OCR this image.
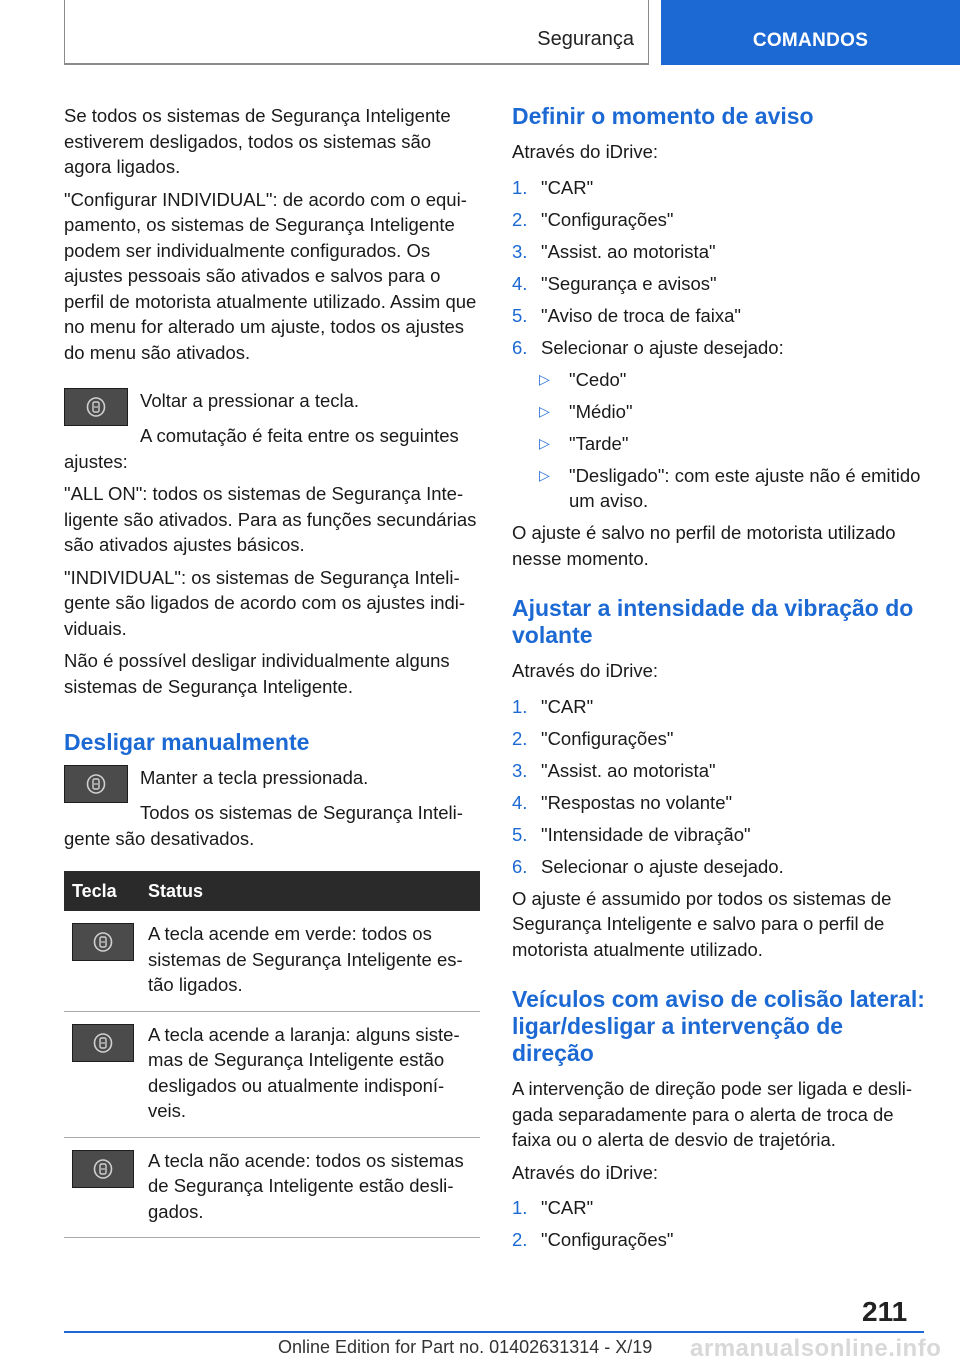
Segurança	COMANDOS

Se todos os sistemas de Segurança Inteligente estiverem desligados, todos os sistemas são agora ligados.

"Configurar INDIVIDUAL": de acordo com o equipamento, os sistemas de Segurança Inteligente podem ser individualmente configurados. Os ajustes pessoais são ativados e salvos para o perfil de motorista atualmente utilizado. Assim que no menu for alterado um ajuste, todos os ajustes do menu são ativados.

Voltar a pressionar a tecla.

A comutação é feita entre os seguintes ajustes:

"ALL ON": todos os sistemas de Segurança Inteligente são ativados. Para as funções secundárias são ativados ajustes básicos.

"INDIVIDUAL": os sistemas de Segurança Inteligente são ligados de acordo com os ajustes individuais.

Não é possível desligar individualmente alguns sistemas de Segurança Inteligente.

Desligar manualmente

Manter a tecla pressionada.

Todos os sistemas de Segurança Inteligente são desativados.

Tecla	Status

	A tecla acende em verde: todos os sistemas de Segurança Inteligente estão ligados.

	A tecla acende a laranja: alguns sistemas de Segurança Inteligente estão desligados ou atualmente indisponíveis.

	A tecla não acende: todos os sistemas de Segurança Inteligente estão desligados.
Definir o momento de aviso

Através do iDrive:

1. "CAR"
2. "Configurações"
3. "Assist. ao motorista"
4. "Segurança e avisos"
5. "Aviso de troca de faixa"
6. Selecionar o ajuste desejado:
▷	"Cedo"
▷	"Médio"
▷	"Tarde"
▷	"Desligado": com este ajuste não é emitido um aviso.

O ajuste é salvo no perfil de motorista utilizado nesse momento.

Ajustar a intensidade da vibração do volante

Através do iDrive:

1. "CAR"
2. "Configurações"
3. "Assist. ao motorista"
4. "Respostas no volante"
5. "Intensidade de vibração"
6. Selecionar o ajuste desejado.

O ajuste é assumido por todos os sistemas de Segurança Inteligente e salvo para o perfil de motorista atualmente utilizado.

Veículos com aviso de colisão lateral: ligar/desligar a intervenção de direção

A intervenção de direção pode ser ligada e desligada separadamente para o alerta de troca de faixa ou o alerta de desvio de trajetória.

Através do iDrive:

1. "CAR"
2. "Configurações"
211
armanualsonline.info
Online Edition for Part no. 01402631314 - X/19
